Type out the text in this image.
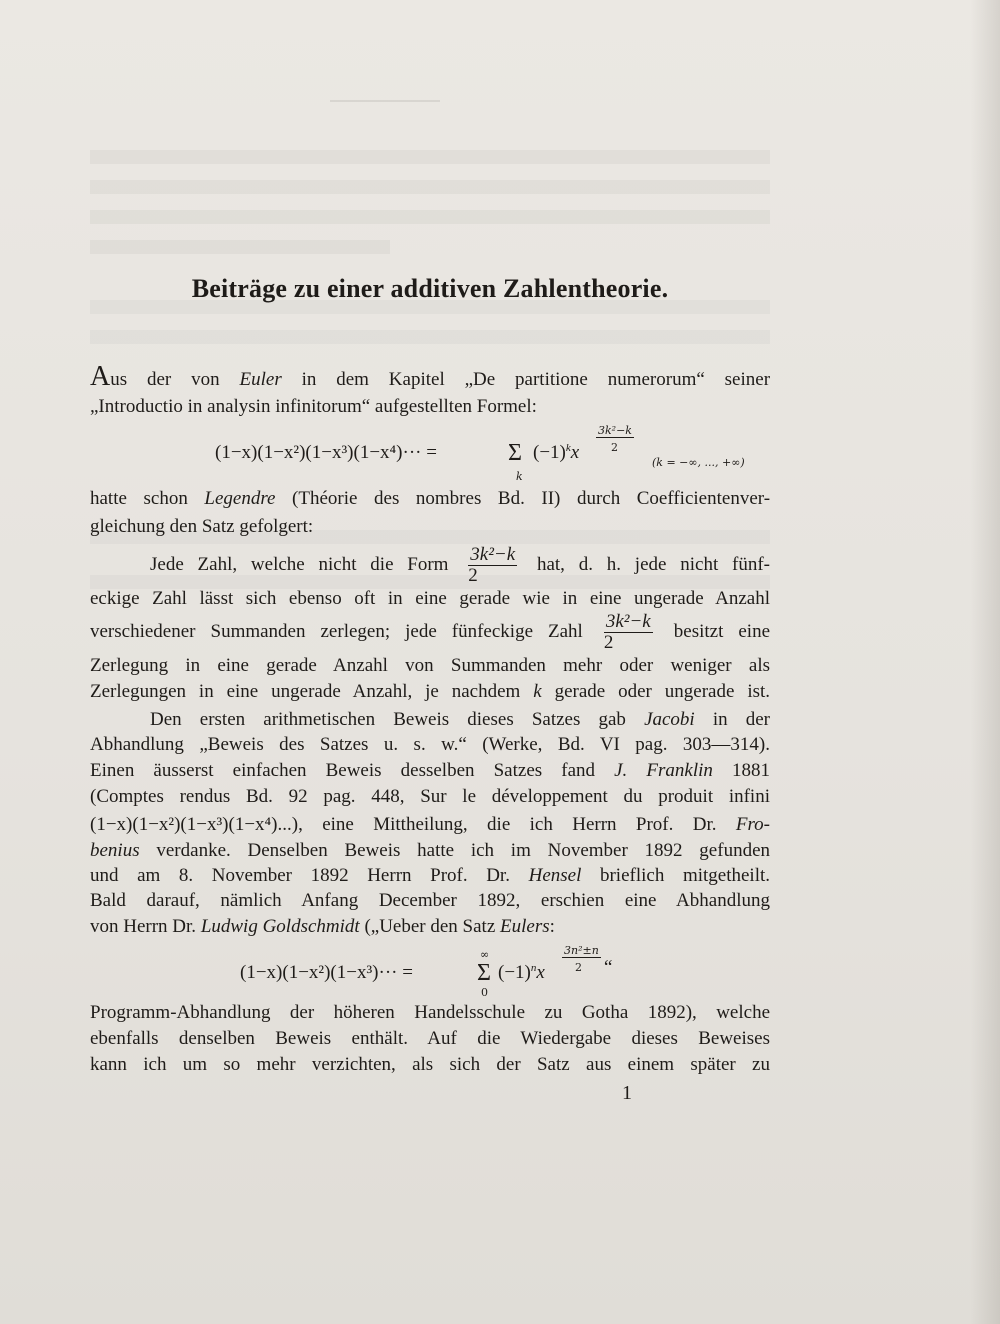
Beiträge zu einer additiven Zahlentheorie.
Aus der von Euler in dem Kapitel „De partitione numerorum“ seiner
„Introductio in analysin infinitorum“ aufgestellten Formel:
(1−x)(1−x²)(1−x³)(1−x⁴)··· =	Σ
k
$(-1)^kx$
3k²−k
2
(k = −∞, ..., +∞)
hatte schon Legendre (Théorie des nombres Bd. II) durch Coefficientenver-
gleichung den Satz gefolgert:
Jede Zahl, welche nicht die Form $\frac{\text{3k²−k}}{2}$ hat, d. h. jede nicht fünf-
eckige Zahl lässt sich ebenso oft in eine gerade wie in eine ungerade Anzahl
verschiedener Summanden zerlegen; jede fünfeckige Zahl $\frac{\text{3k²−k}}{2}$ besitzt eine
Zerlegung in eine gerade Anzahl von Summanden mehr oder weniger als
Zerlegungen in eine ungerade Anzahl, je nachdem k gerade oder ungerade ist.
Den ersten arithmetischen Beweis dieses Satzes gab Jacobi in der
Abhandlung „Beweis des Satzes u. s. w.“ (Werke, Bd. VI pag. 303—314).
Einen äusserst einfachen Beweis desselben Satzes fand J. Franklin 1881
(Comptes rendus Bd. 92 pag. 448, Sur le développement du produit infini
(1−x)(1−x²)(1−x³)(1−x⁴)...), eine Mittheilung, die ich Herrn Prof. Dr. Fro-
benius verdanke. Denselben Beweis hatte ich im November 1892 gefunden
und am 8. November 1892 Herrn Prof. Dr. Hensel brieflich mitgetheilt.
Bald darauf, nämlich Anfang December 1892, erschien eine Abhandlung
von Herrn Dr. Ludwig Goldschmidt („Ueber den Satz Eulers:
(1−x)(1−x²)(1−x³)··· =
∞
Σ
0
$(-1)^nx$
3n²±n
2 “
Programm-Abhandlung der höheren Handelsschule zu Gotha 1892), welche
ebenfalls denselben Beweis enthält. Auf die Wiedergabe dieses Beweises
kann ich um so mehr verzichten, als sich der Satz aus einem später zu
1
